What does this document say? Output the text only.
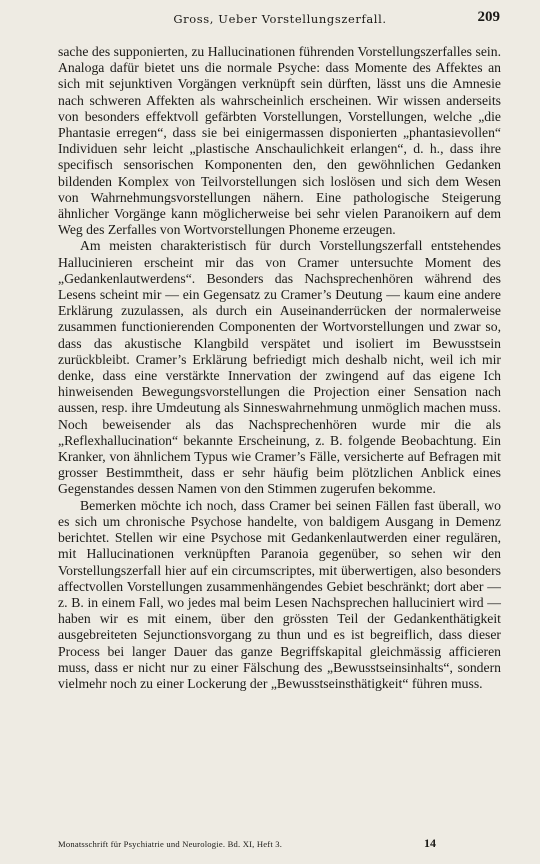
Gross, Ueber Vorstellungszerfall.	209

sache des supponierten, zu Hallucinationen führenden Vorstellungszerfalles sein. Analoga dafür bietet uns die normale Psyche: dass Momente des Affektes an sich mit sejunktiven Vorgängen verknüpft sein dürften, lässt uns die Amnesie nach schweren Affekten als wahrscheinlich erscheinen. Wir wissen anderseits von besonders effektvoll gefärbten Vorstellungen, Vorstellungen, welche „die Phantasie erregen“, dass sie bei einigermassen disponierten „phantasievollen“ Individuen sehr leicht „plastische Anschaulichkeit erlangen“, d. h., dass ihre specifisch sensorischen Komponenten den, den gewöhnlichen Gedanken bildenden Komplex von Teilvorstellungen sich loslösen und sich dem Wesen von Wahrnehmungsvorstellungen nähern. Eine pathologische Steigerung ähnlicher Vorgänge kann möglicherweise bei sehr vielen Paranoikern auf dem Weg des Zerfalles von Wortvorstellungen Phoneme erzeugen.

Am meisten charakteristisch für durch Vorstellungszerfall entstehendes Hallucinieren erscheint mir das von Cramer untersuchte Moment des „Gedankenlautwerdens“. Besonders das Nachsprechenhören während des Lesens scheint mir — ein Gegensatz zu Cramer’s Deutung — kaum eine andere Erklärung zuzulassen, als durch ein Auseinanderrücken der normalerweise zusammen functionierenden Componenten der Wortvorstellungen und zwar so, dass das akustische Klangbild verspätet und isoliert im Bewusstsein zurückbleibt. Cramer’s Erklärung befriedigt mich deshalb nicht, weil ich mir denke, dass eine verstärkte Innervation der zwingend auf das eigene Ich hinweisenden Bewegungsvorstellungen die Projection einer Sensation nach aussen, resp. ihre Umdeutung als Sinneswahrnehmung unmöglich machen muss. Noch beweisender als das Nachsprechenhören wurde mir die als „Reflexhallucination“ bekannte Erscheinung, z. B. folgende Beobachtung. Ein Kranker, von ähnlichem Typus wie Cramer’s Fälle, versicherte auf Befragen mit grosser Bestimmtheit, dass er sehr häufig beim plötzlichen Anblick eines Gegenstandes dessen Namen von den Stimmen zugerufen bekomme.

Bemerken möchte ich noch, dass Cramer bei seinen Fällen fast überall, wo es sich um chronische Psychose handelte, von baldigem Ausgang in Demenz berichtet. Stellen wir eine Psychose mit Gedankenlautwerden einer regulären, mit Hallucinationen verknüpften Paranoia gegenüber, so sehen wir den Vorstellungszerfall hier auf ein circumscriptes, mit überwertigen, also besonders affectvollen Vorstellungen zusammenhängendes Gebiet beschränkt; dort aber — z. B. in einem Fall, wo jedes mal beim Lesen Nachsprechen halluciniert wird — haben wir es mit einem, über den grössten Teil der Gedankenthätigkeit ausgebreiteten Sejunctionsvorgang zu thun und es ist begreiflich, dass dieser Process bei langer Dauer das ganze Begriffskapital gleichmässig afficieren muss, dass er nicht nur zu einer Fälschung des „Bewusstseinsinhalts“, sondern vielmehr noch zu einer Lockerung der „Bewusstseinsthätigkeit“ führen muss.

Monatsschrift für Psychiatrie und Neurologie. Bd. XI, Heft 3.	14
